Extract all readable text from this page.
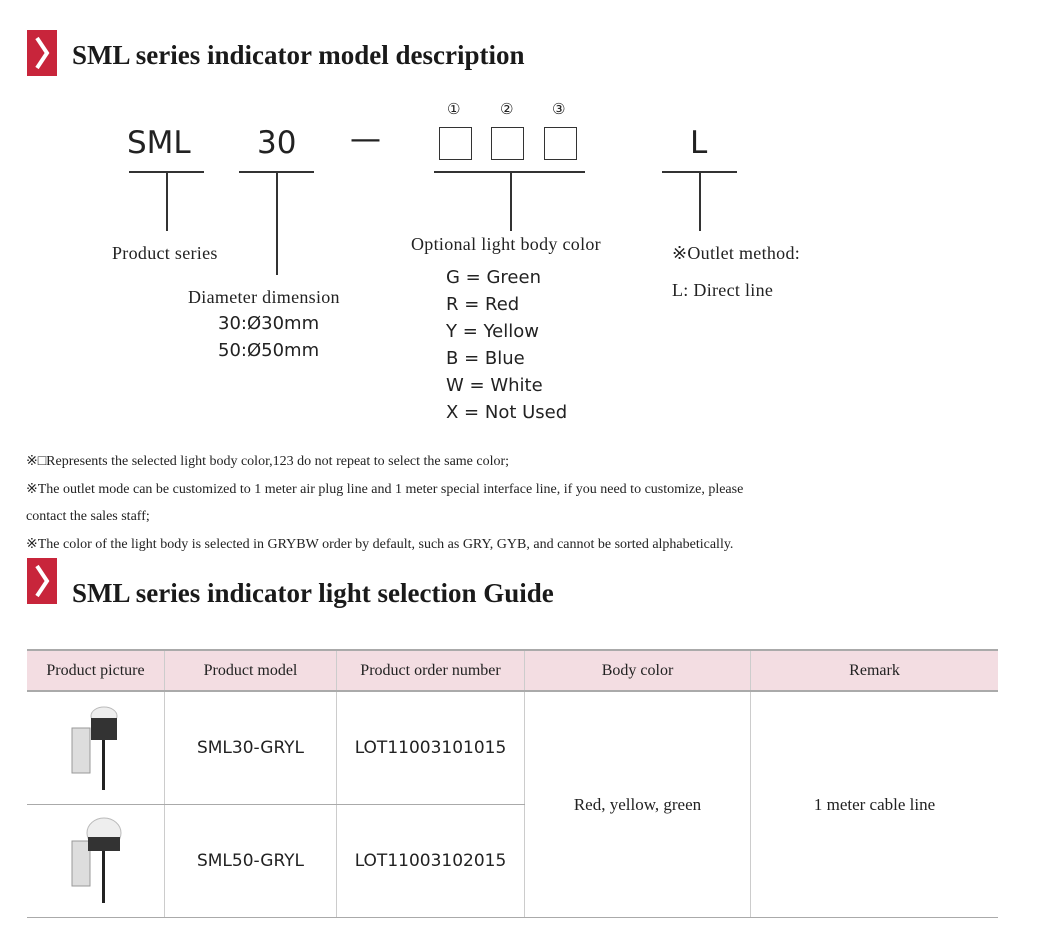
SML series indicator model description
SML 30 —	L
①	②	③
Product series
Diameter dimension
30:Ø30mm
50:Ø50mm
Optional light body color
G = Green
R = Red
Y = Yellow
B = Blue
W = White
X = Not Used
※Outlet method:
L: Direct line
※□Represents the selected light body color,123 do not repeat to select the same color;
※The outlet mode can be customized to 1 meter air plug line and 1 meter special interface line, if you need to customize, please
contact the sales staff;
※The color of the light body is selected in GRYBW order by default, such as GRY, GYB, and cannot be sorted alphabetically.
SML series indicator light selection Guide
Product picture	Product model	Product order number	Body color	Remark
	SML30-GRYL	LOT11003101015	Red, yellow, green	1 meter cable line
	SML50-GRYL	LOT11003102015		
